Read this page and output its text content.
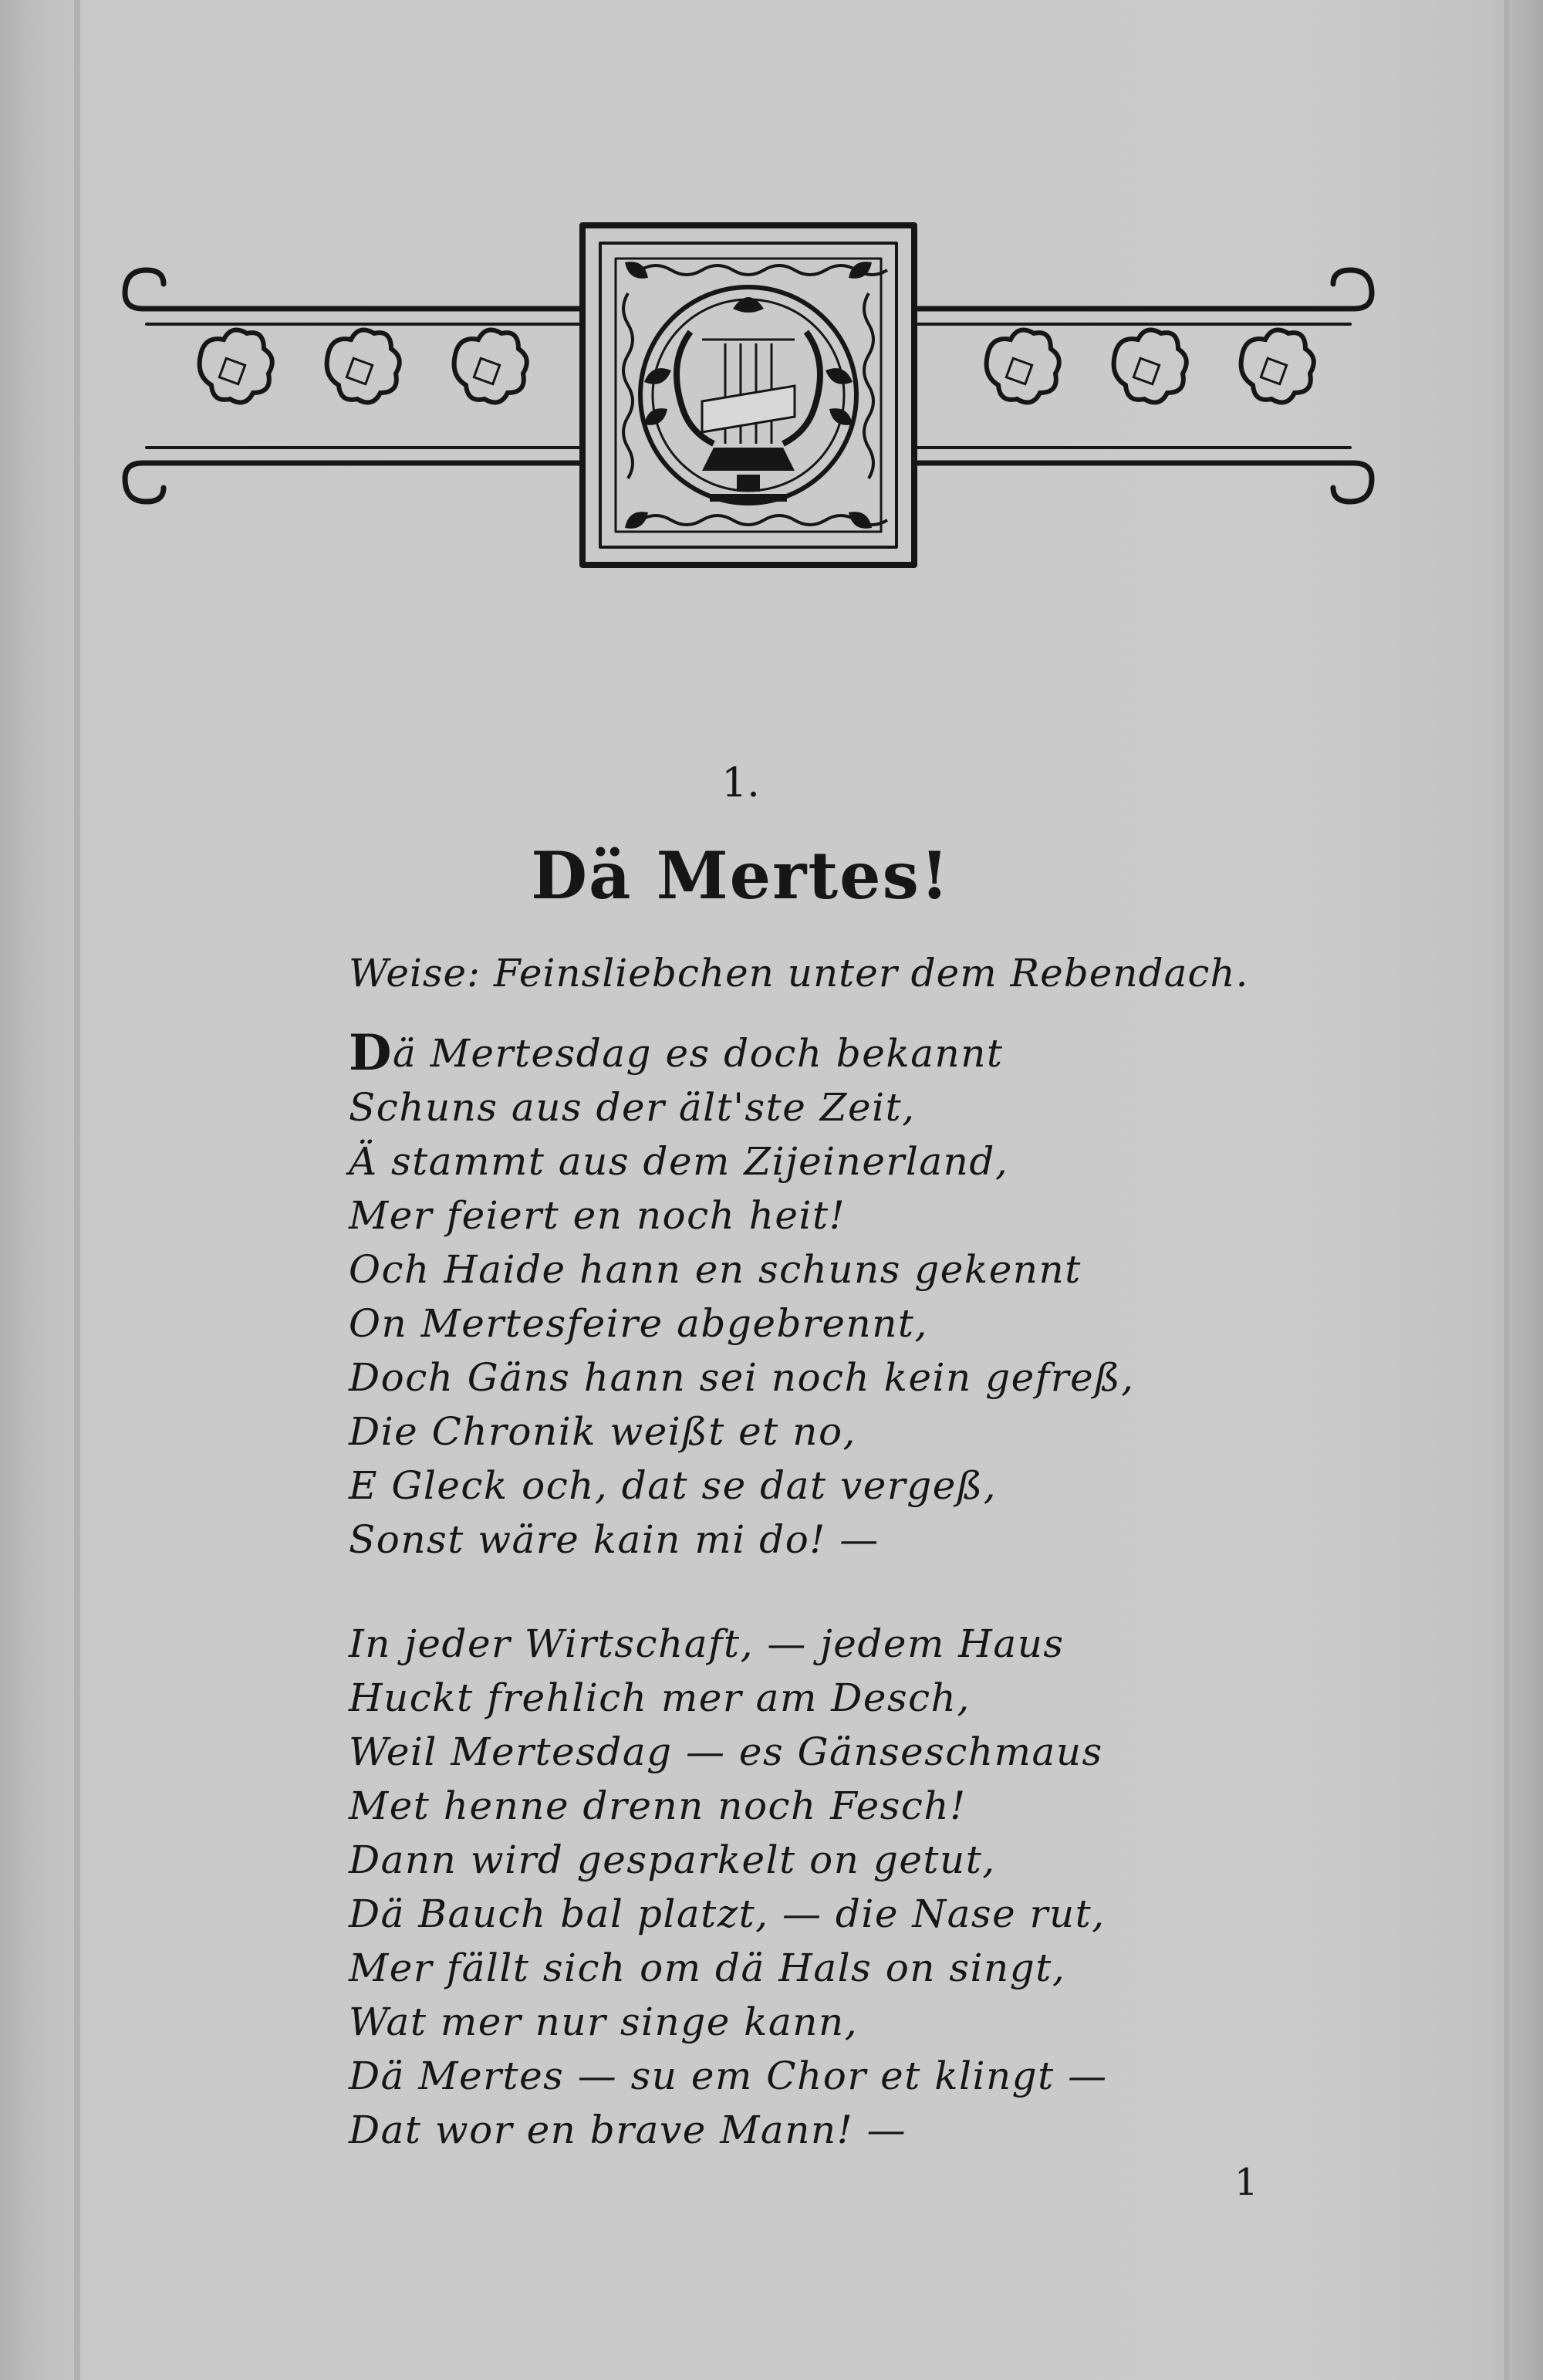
1.
Dä Mertes!
Weise: Feinsliebchen unter dem Rebendach.
Dä Mertesdag es doch bekannt
Schuns aus der ält'ste Zeit,
Ä stammt aus dem Zijeinerland,
Mer feiert en noch heit!
Och Haide hann en schuns gekennt
On Mertesfeire abgebrennt,
Doch Gäns hann sei noch kein gefreß,
Die Chronik weißt et no,
E Gleck och, dat se dat vergeß,
Sonst wäre kain mi do! —
In jeder Wirtschaft, — jedem Haus
Huckt frehlich mer am Desch,
Weil Mertesdag — es Gänseschmaus
Met henne drenn noch Fesch!
Dann wird gesparkelt on getut,
Dä Bauch bal platzt, — die Nase rut,
Mer fällt sich om dä Hals on singt,
Wat mer nur singe kann,
Dä Mertes — su em Chor et klingt —
Dat wor en brave Mann! —
1
